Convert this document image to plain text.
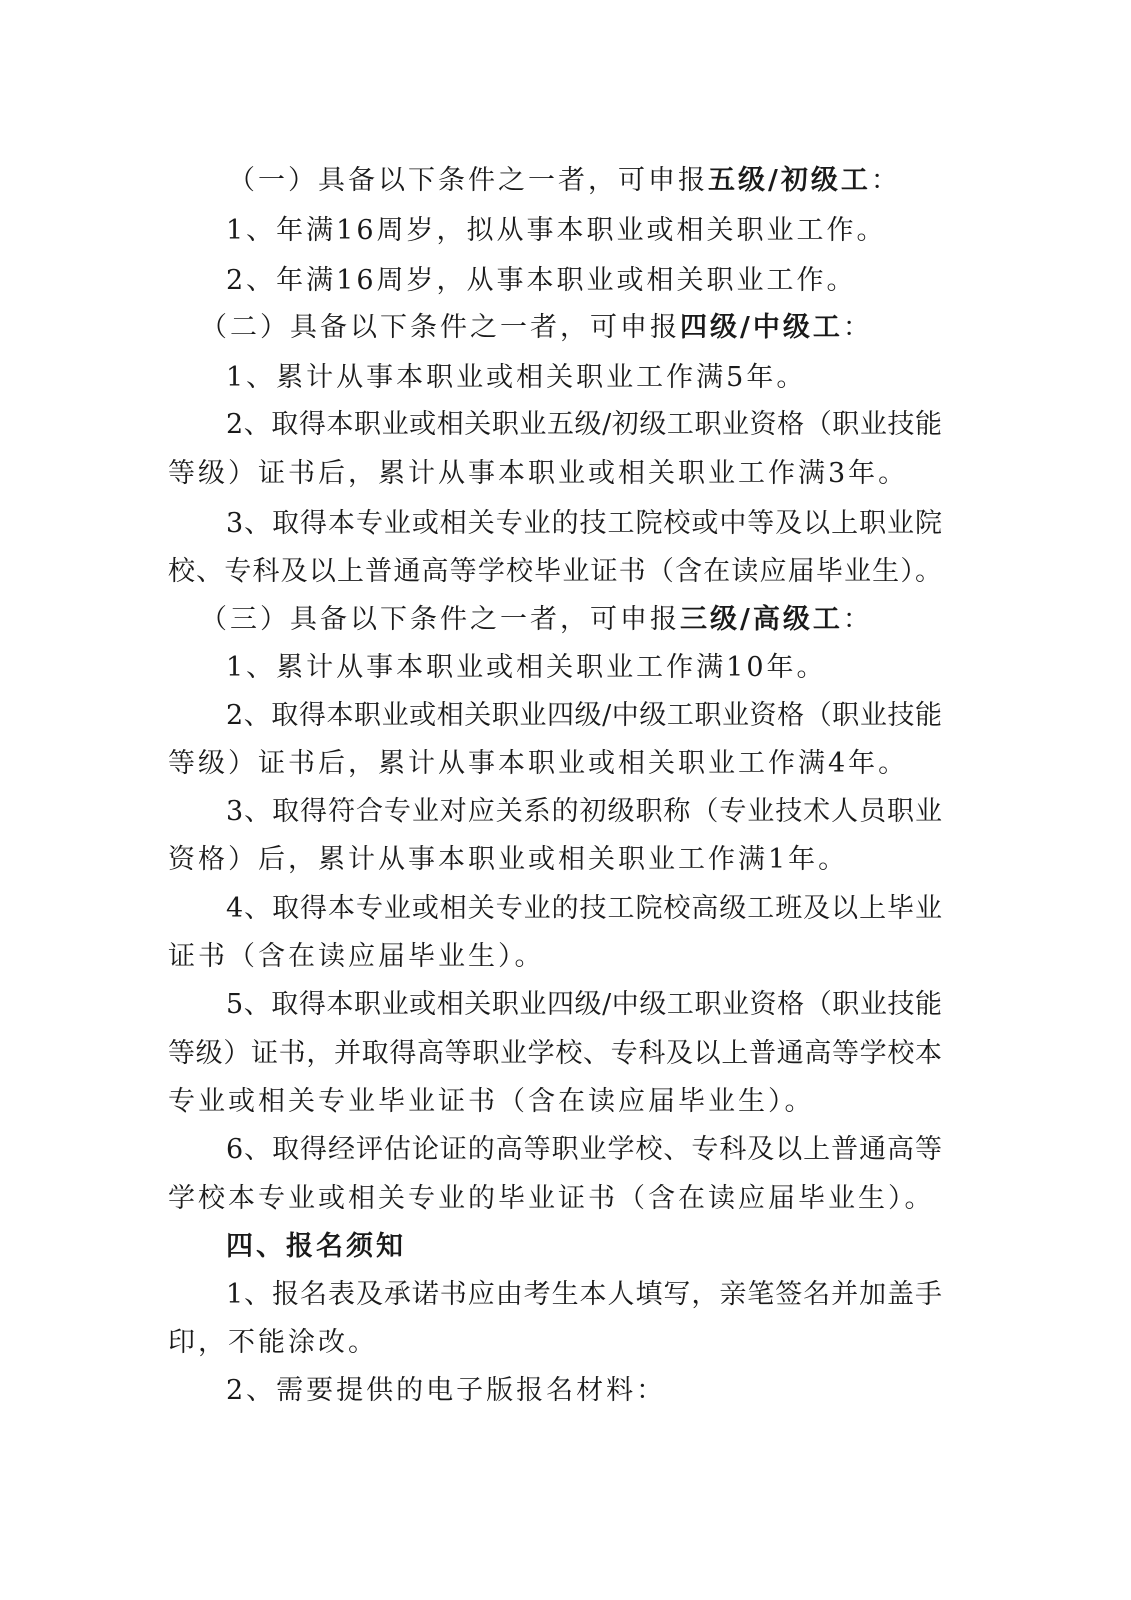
（一）具备以下条件之一者，可申报五级/初级工：
1、年满16周岁，拟从事本职业或相关职业工作。
2、年满16周岁，从事本职业或相关职业工作。
（二）具备以下条件之一者，可申报四级/中级工：
1、累计从事本职业或相关职业工作满5年。
2、取得本职业或相关职业五级/初级工职业资格（职业技能
等级）证书后，累计从事本职业或相关职业工作满3年。
3、取得本专业或相关专业的技工院校或中等及以上职业院
校、专科及以上普通高等学校毕业证书（含在读应届毕业生）。
（三）具备以下条件之一者，可申报三级/高级工：
1、累计从事本职业或相关职业工作满10年。
2、取得本职业或相关职业四级/中级工职业资格（职业技能
等级）证书后，累计从事本职业或相关职业工作满4年。
3、取得符合专业对应关系的初级职称（专业技术人员职业
资格）后，累计从事本职业或相关职业工作满1年。
4、取得本专业或相关专业的技工院校高级工班及以上毕业
证书（含在读应届毕业生）。
5、取得本职业或相关职业四级/中级工职业资格（职业技能
等级）证书，并取得高等职业学校、专科及以上普通高等学校本
专业或相关专业毕业证书（含在读应届毕业生）。
6、取得经评估论证的高等职业学校、专科及以上普通高等
学校本专业或相关专业的毕业证书（含在读应届毕业生）。
四、报名须知
1、报名表及承诺书应由考生本人填写，亲笔签名并加盖手
印，不能涂改。
2、需要提供的电子版报名材料：
